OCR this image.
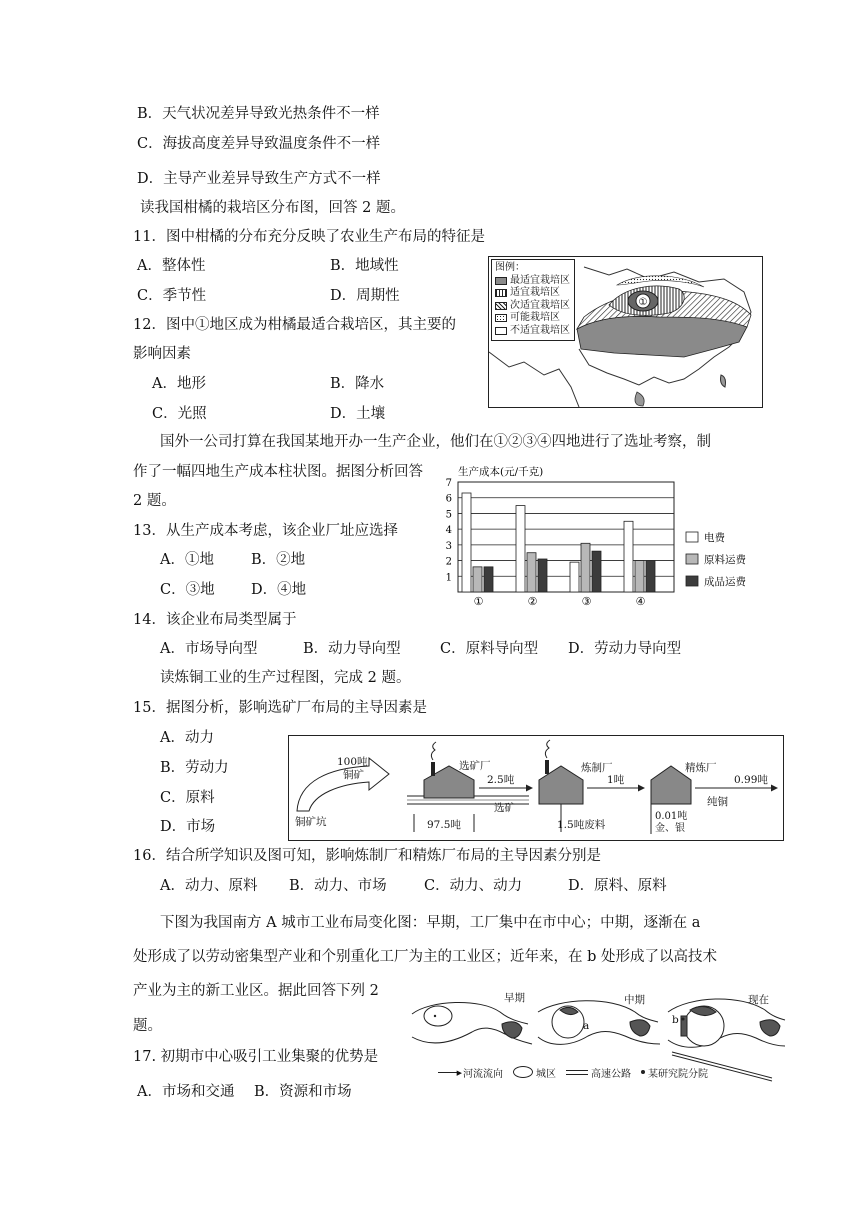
B．天气状况差异导致光热条件不一样
C．海拔高度差异导致温度条件不一样
D．主导产业差异导致生产方式不一样
读我国柑橘的栽培区分布图，回答 2 题。
11．图中柑橘的分布充分反映了农业生产布局的特征是
A．整体性	B．地域性
C．季节性	D．周期性
12．图中①地区成为柑橘最适合栽培区，其主要的
影响因素
A．地形	B．降水
C．光照	D．土壤
①
图例：
最适宜栽培区
适宜栽培区
次适宜栽培区
可能栽培区
不适宜栽培区
国外一公司打算在我国某地开办一生产企业，他们在①②③④四地进行了选址考察，制
作了一幅四地生产成本柱状图。据图分析回答
2 题。
13．从生产成本考虑，该企业厂址应选择
A．①地	B．②地
C．③地	D．④地
生产成本(元/千克)
1
2
3
4
5
6
7
①	②	③	④
电费
原料运费
成品运费
14．该企业布局类型属于
A．市场导向型	B．动力导向型	C．原料导向型 D．劳动力导向型
读炼铜工业的生产过程图，完成 2 题。
15．据图分析，影响选矿厂布局的主导因素是
A．动力
B．劳动力
C．原料
D．市场
100吨
铜矿
铜矿坑
选矿厂
2.5吨
选矿
97.5吨
炼制厂
1吨
1.5吨废料
精炼厂
0.99吨
纯铜
0.01吨
金、银
16．结合所学知识及图可知，影响炼制厂和精炼厂布局的主导因素分别是
A．动力、原料 B．动力、市场	C．动力、动力	D．原料、原料
下图为我国南方 A 城市工业布局变化图：早期，工厂集中在市中心；中期，逐渐在 a
处形成了以劳动密集型产业和个别重化工厂为主的工业区；近年来，在 b 处形成了以高技术
产业为主的新工业区。据此回答下列 2
题。
早期	中期	现在
a	b
▶ 河流流向	城区	高速公路 某研究院分院
17. 初期市中心吸引工业集聚的优势是
A．市场和交通 B．资源和市场
